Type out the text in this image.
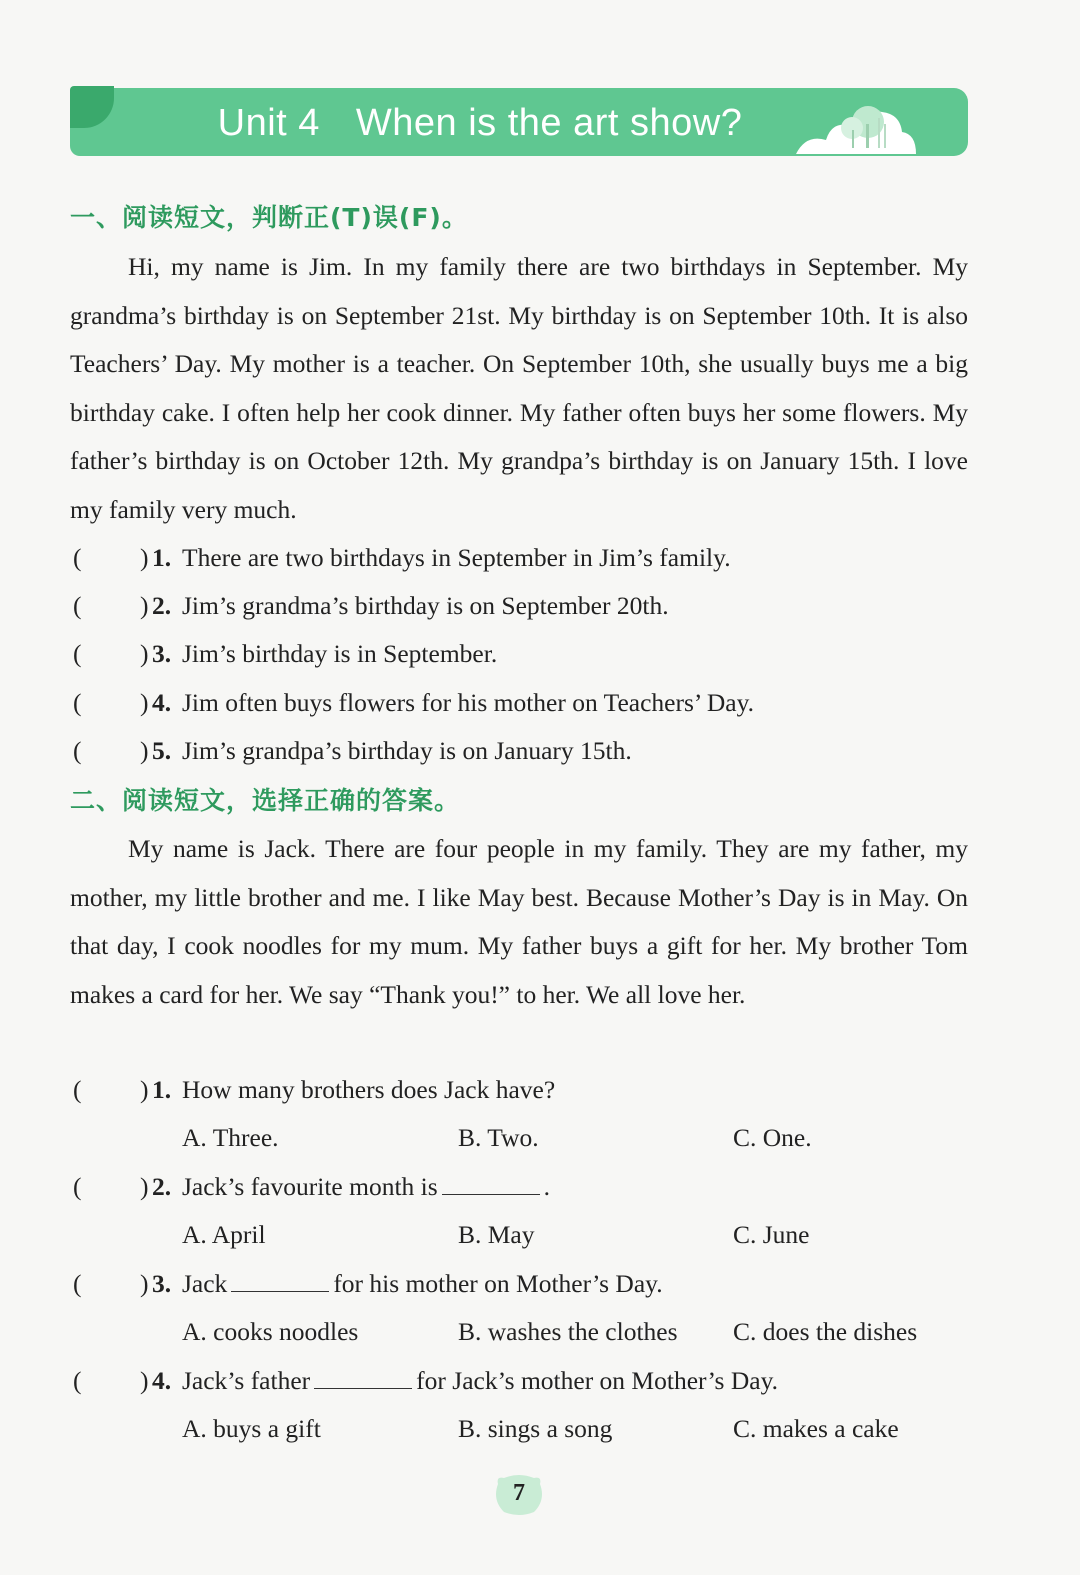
Unit 4 When is the art show?
一、阅读短文，判断正(T)误(F)。

Hi, my name is Jim. In my family there are two birthdays in September. My grandma’s birthday is on September 21st. My birthday is on September 10th. It is also Teachers’ Day. My mother is a teacher. On September 10th, she usually buys me a big birthday cake. I often help her cook dinner. My father often buys her some flowers. My father’s birthday is on October 12th. My grandpa’s birthday is on January 15th. I love my family very much.

( ) 1. There are two birthdays in September in Jim’s family.
( ) 2. Jim’s grandma’s birthday is on September 20th.
( ) 3. Jim’s birthday is in September.
( ) 4. Jim often buys flowers for his mother on Teachers’ Day.
( ) 5. Jim’s grandpa’s birthday is on January 15th.
二、阅读短文，选择正确的答案。

My name is Jack. There are four people in my family. They are my father, my mother, my little brother and me. I like May best. Because Mother’s Day is in May. On that day, I cook noodles for my mum. My father buys a gift for her. My brother Tom makes a card for her. We say “Thank you!” to her. We all love her.

( ) 1. How many brothers does Jack have?
A. Three.	B. Two.	C. One.
( ) 2. Jack’s favourite month is	.
A. April	B. May	C. June
( ) 3. Jack	for his mother on Mother’s Day.
A. cooks noodles	B. washes the clothes C. does the dishes
( ) 4. Jack’s father	for Jack’s mother on Mother’s Day.
A. buys a gift	B. sings a song	C. makes a cake
7
